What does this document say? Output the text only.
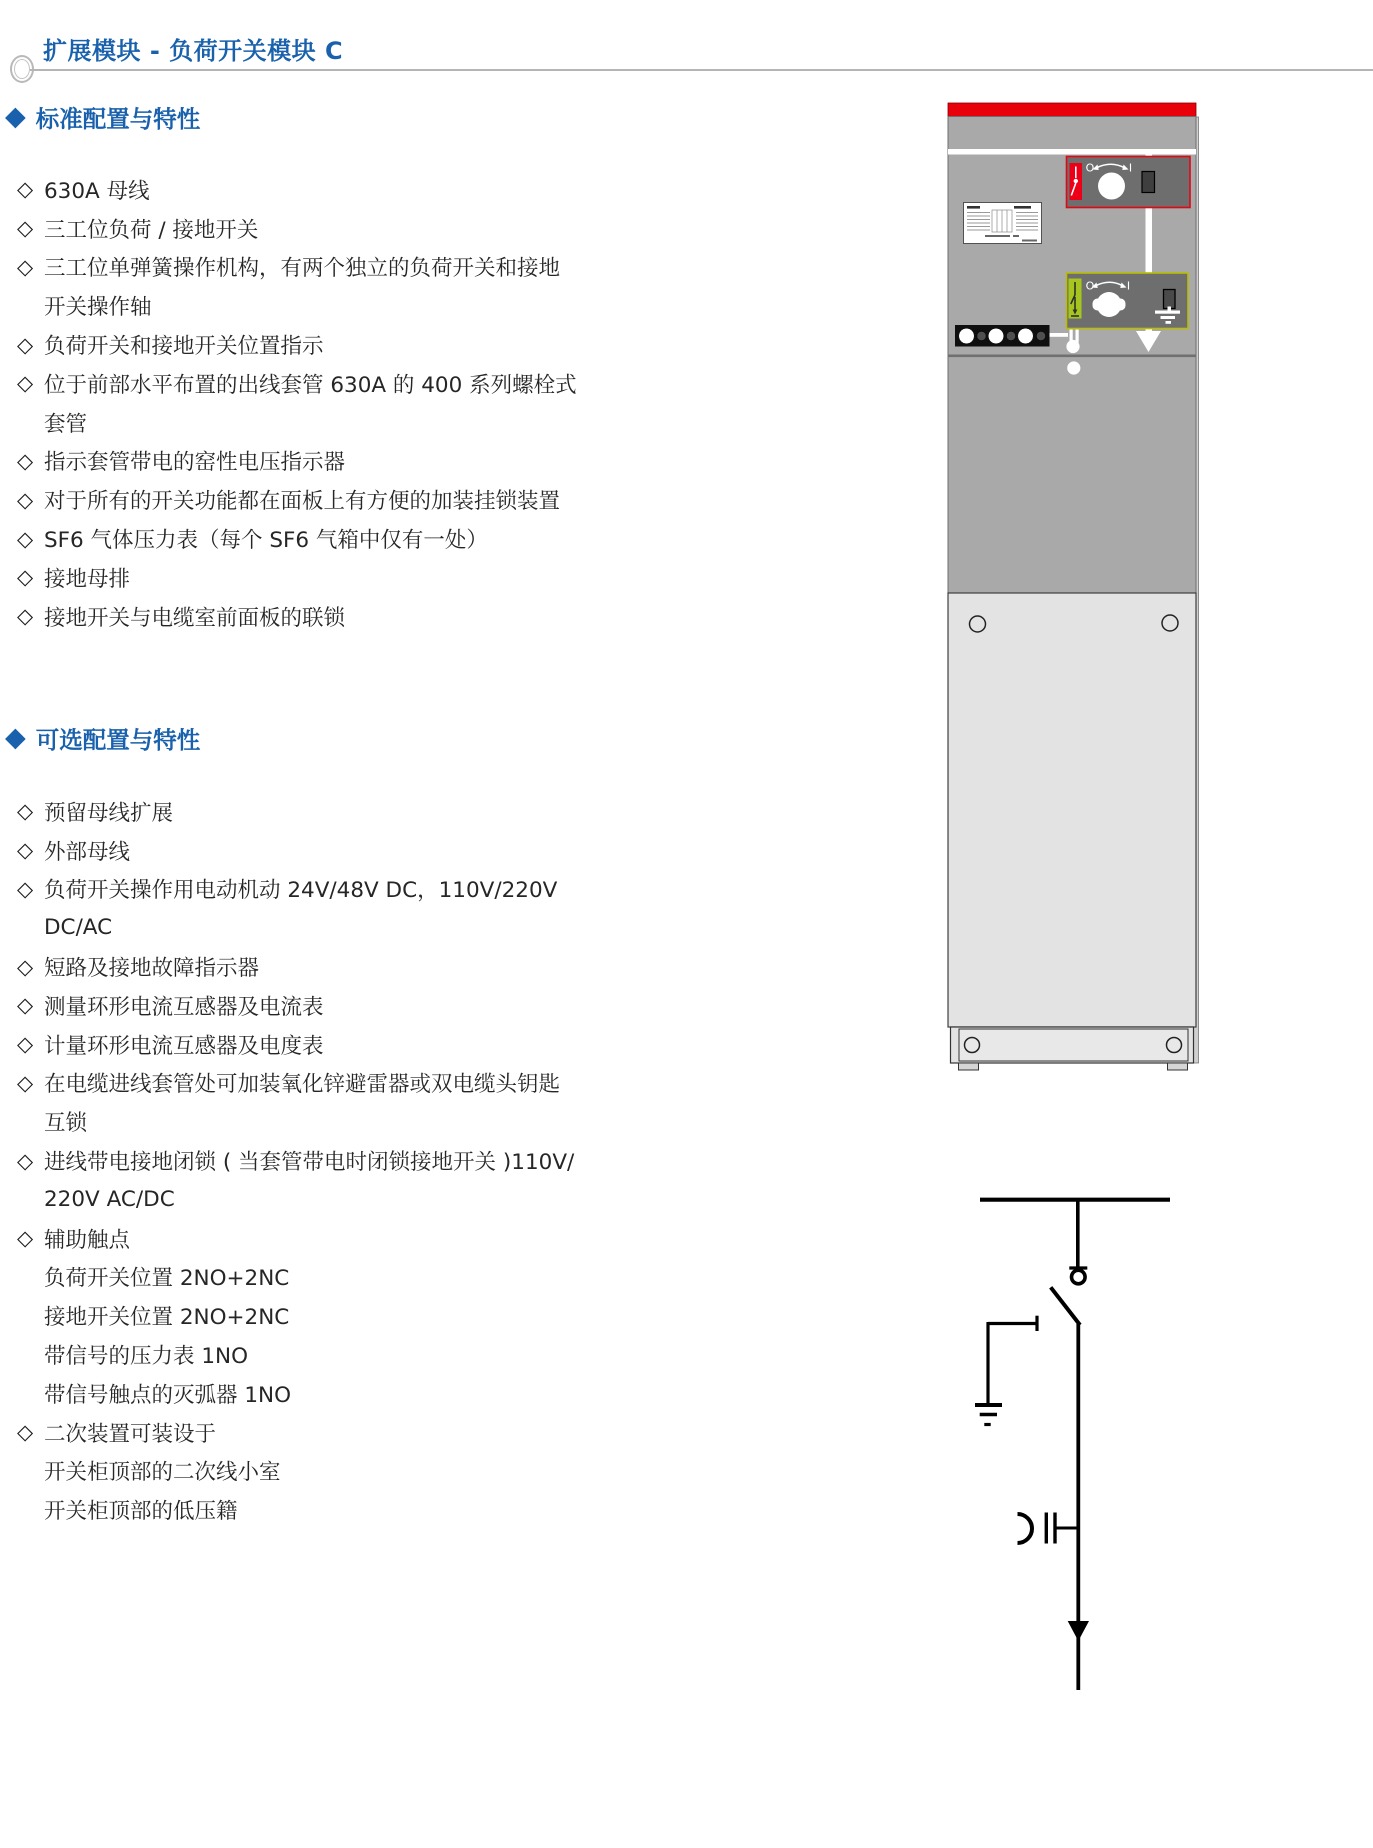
扩展模块 - 负荷开关模块 C
◆ 标准配置与特性
◇ 630A 母线
◇ 三工位负荷 / 接地开关
◇ 三工位单弹簧操作机构，有两个独立的负荷开关和接地
开关操作轴
◇ 负荷开关和接地开关位置指示
◇ 位于前部水平布置的出线套管 630A 的 400 系列螺栓式
套管
◇ 指示套管带电的窑性电压指示器
◇ 对于所有的开关功能都在面板上有方便的加装挂锁装置
◇ SF6 气体压力表（每个 SF6 气箱中仅有一处）
◇ 接地母排
◇ 接地开关与电缆室前面板的联锁
◆ 可选配置与特性
◇ 预留母线扩展
◇ 外部母线
◇ 负荷开关操作用电动机动 24V/48V DC，110V/220V
DC/AC
◇ 短路及接地故障指示器
◇ 测量环形电流互感器及电流表
◇ 计量环形电流互感器及电度表
◇ 在电缆进线套管处可加装氧化锌避雷器或双电缆头钥匙
互锁
◇ 进线带电接地闭锁 ( 当套管带电时闭锁接地开关 )110V/
220V AC/DC
◇ 辅助触点
负荷开关位置 2NO+2NC
接地开关位置 2NO+2NC
带信号的压力表 1NO
带信号触点的灭弧器 1NO
◇ 二次装置可装设于
开关柜顶部的二次线小室
开关柜顶部的低压籍
O	I
O	I
